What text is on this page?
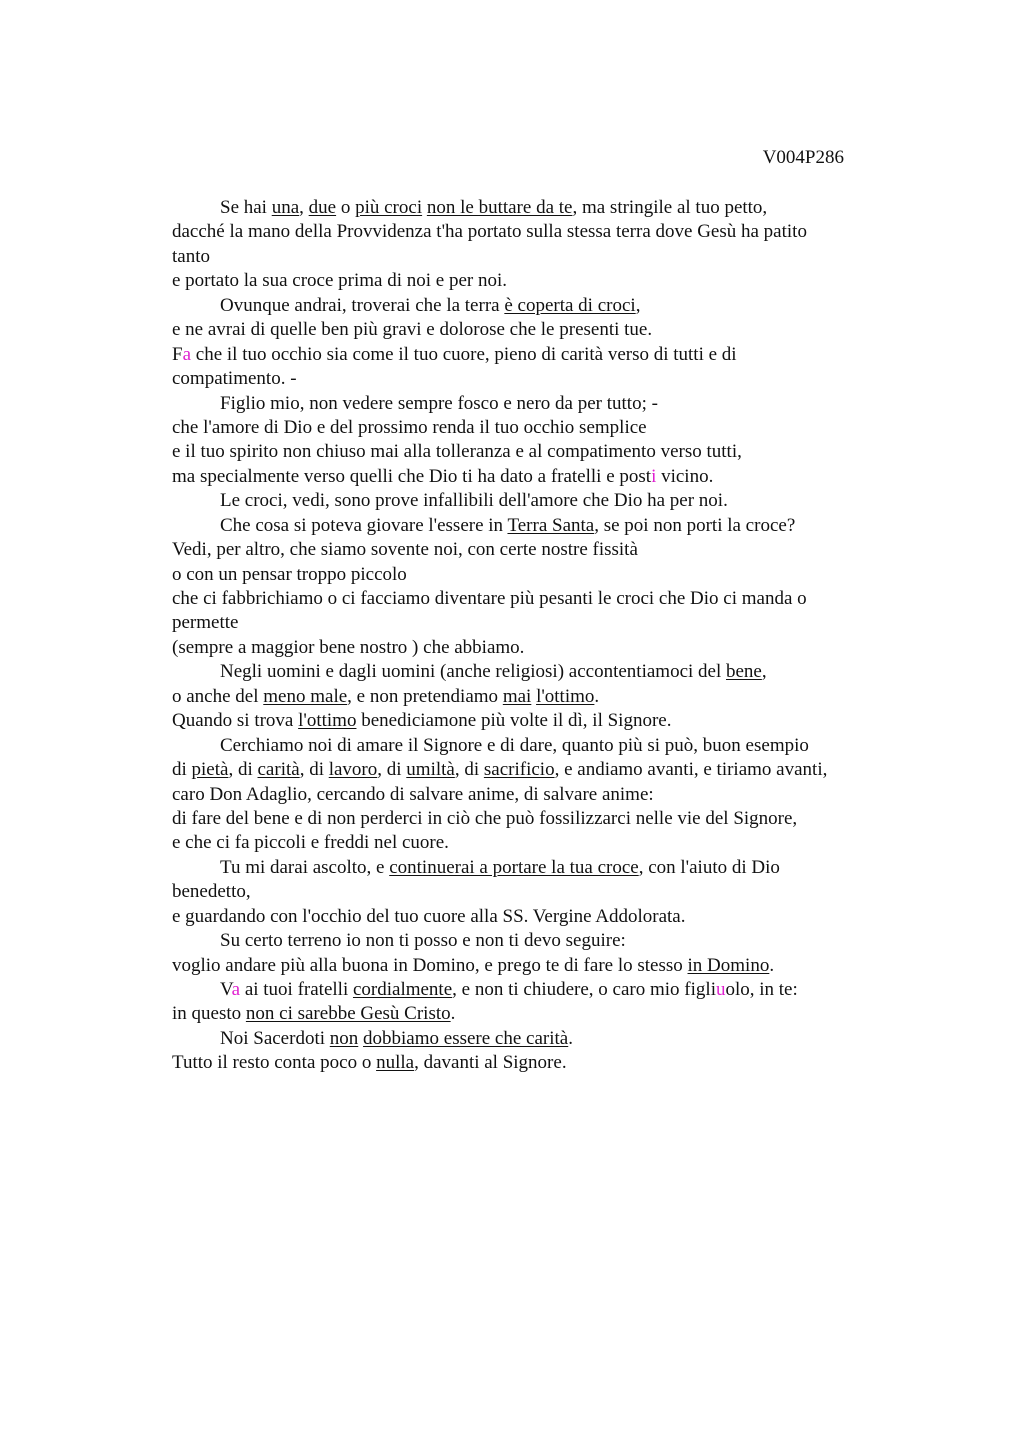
V004P286
Se hai una, due o più croci non le buttare da te, ma stringile al tuo petto,
dacché la mano della Provvidenza t'ha portato sulla stessa terra dove Gesù ha patito
tanto
e portato la sua croce prima di noi e per noi.
Ovunque andrai, troverai che la terra è coperta di croci,
e ne avrai di quelle ben più gravi e dolorose che le presenti tue.
Fa che il tuo occhio sia come il tuo cuore, pieno di carità verso di tutti e di
compatimento. -
Figlio mio, non vedere sempre fosco e nero da per tutto; -
che l'amore di Dio e del prossimo renda il tuo occhio semplice
e il tuo spirito non chiuso mai alla tolleranza e al compatimento verso tutti,
ma specialmente verso quelli che Dio ti ha dato a fratelli e posti vicino.
Le croci, vedi, sono prove infallibili dell'amore che Dio ha per noi.
Che cosa si poteva giovare l'essere in Terra Santa, se poi non porti la croce?
Vedi, per altro, che siamo sovente noi, con certe nostre fissità
o con un pensar troppo piccolo
che ci fabbrichiamo o ci facciamo diventare più pesanti le croci che Dio ci manda o
permette
(sempre a maggior bene nostro ) che abbiamo.
Negli uomini e dagli uomini (anche religiosi) accontentiamoci del bene,
o anche del meno male, e non pretendiamo mai l'ottimo.
Quando si trova l'ottimo benediciamone più volte il dì, il Signore.
Cerchiamo noi di amare il Signore e di dare, quanto più si può, buon esempio
di pietà, di carità, di lavoro, di umiltà, di sacrificio, e andiamo avanti, e tiriamo avanti,
caro Don Adaglio, cercando di salvare anime, di salvare anime:
di fare del bene e di non perderci in ciò che può fossilizzarci nelle vie del Signore,
e che ci fa piccoli e freddi nel cuore.
Tu mi darai ascolto, e continuerai a portare la tua croce, con l'aiuto di Dio
benedetto,
e guardando con l'occhio del tuo cuore alla SS. Vergine Addolorata.
Su certo terreno io non ti posso e non ti devo seguire:
voglio andare più alla buona in Domino, e prego te di fare lo stesso in Domino.
Va ai tuoi fratelli cordialmente, e non ti chiudere, o caro mio figliuolo, in te:
in questo non ci sarebbe Gesù Cristo.
Noi Sacerdoti non dobbiamo essere che carità.
Tutto il resto conta poco o nulla, davanti al Signore.
